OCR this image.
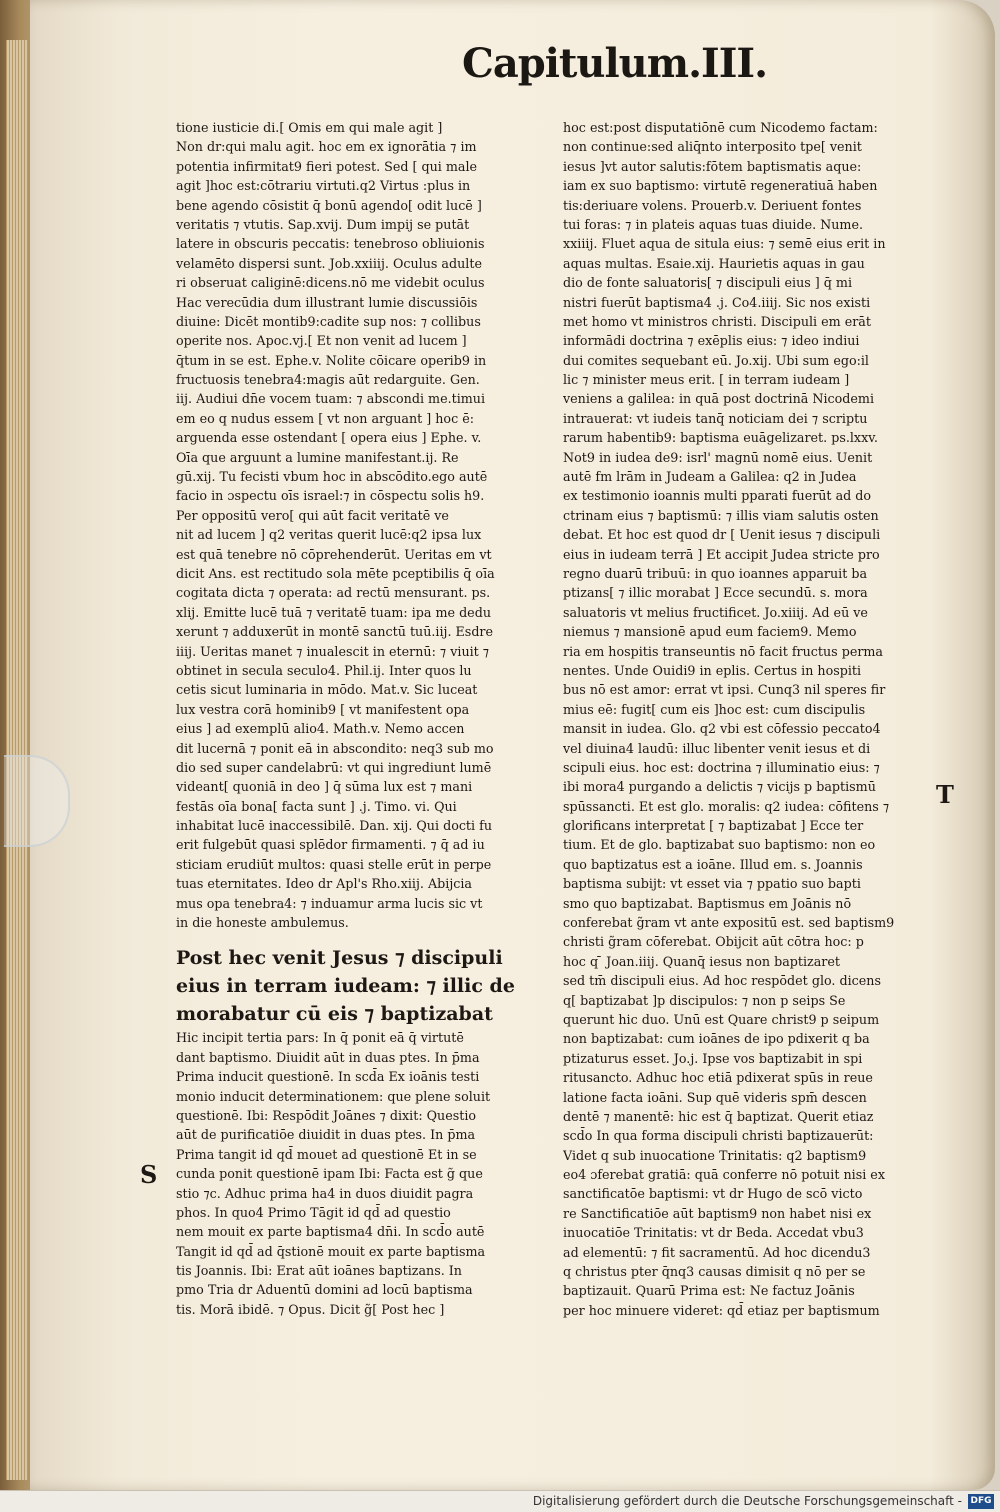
Capitulum.III.
tione iusticie di.[ Omis em qui male agit ]
Non dr:qui malu agit. hoc em ex ignorātia ⁊ im
potentia infirmitat9 fieri potest. Sed [ qui male
agit ]hoc est:cōtrariu virtuti.q2 Virtus :plus in
bene agendo cōsistit q̄ bonū agendo[ odit lucē ]
veritatis ⁊ vtutis. Sap.xvij. Dum impij se putāt
latere in obscuris peccatis: tenebroso obliuionis
velamēto dispersi sunt. Job.xxiiij. Oculus adulte
ri obseruat caliginē:dicens.nō me videbit oculus
Hac verecūdia dum illustrant lumie discussiōis
diuine: Dicēt montib9:cadite sup nos: ⁊ collibus
operite nos. Apoc.vj.[ Et non venit ad lucem ]
q̄tum in se est. Ephe.v. Nolite cōicare operib9 in
fructuosis tenebra4:magis aūt redarguite. Gen.
iij. Audiui dn̄e vocem tuam: ⁊ abscondi me.timui
em eo q nudus essem [ vt non arguant ] hoc ē:
arguenda esse ostendant [ opera eius ] Ephe. v.
Oīa que arguunt a lumine manifestant.ij. Re
gū.xij. Tu fecisti vbum hoc in abscōdito.ego autē
facio in ɔspectu oīs israel:⁊ in cōspectu solis h9.
Per oppositū vero[ qui aūt facit veritatē ve
nit ad lucem ] q2 veritas querit lucē:q2 ipsa lux
est quā tenebre nō cōprehenderūt. Ueritas em vt
dicit Ans. est rectitudo sola mēte pceptibilis q̄ oīa
cogitata dicta ⁊ operata: ad rectū mensurant. ps.
xlij. Emitte lucē tuā ⁊ veritatē tuam: ipa me dedu
xerunt ⁊ adduxerūt in montē sanctū tuū.iij. Esdre
iiij. Ueritas manet ⁊ inualescit in eternū: ⁊ viuit ⁊
obtinet in secula seculo4. Phil.ij. Inter quos lu
cetis sicut luminaria in mōdo. Mat.v. Sic luceat
lux vestra corā hominib9 [ vt manifestent opa
eius ] ad exemplū alio4. Math.v. Nemo accen
dit lucernā ⁊ ponit eā in abscondito: neq3 sub mo
dio sed super candelabrū: vt qui ingrediunt lumē
videant[ quoniā in deo ] q̄ sūma lux est ⁊ mani
festās oīa bona[ facta sunt ] .j. Timo. vi. Qui
inhabitat lucē inaccessibilē. Dan. xij. Qui docti fu
erit fulgebūt quasi splēdor firmamenti. ⁊ q̄ ad iu
sticiam erudiūt multos: quasi stelle erūt in perpe
tuas eternitates. Ideo dr Apl's Rho.xiij. Abijcia
mus opa tenebra4: ⁊ induamur arma lucis sic vt
in die honeste ambulemus.
Post hec venit Jesus ⁊ discipuli
eius in terram iudeam: ⁊ illic de
morabatur cū eis ⁊ baptizabat
Hic incipit tertia pars: In q̄ ponit eā q̄ virtutē
dant baptismo. Diuidit aūt in duas ptes. In p̄ma
Prima inducit questionē. In scd̄a Ex ioānis testi
monio inducit determinationem: que plene soluit
questionē. Ibi: Respōdit Joānes ⁊ dixit: Questio
aūt de purificatiōe diuidit in duas ptes. In p̄ma
Prima tangit id qd̄ mouet ad questionē Et in se
cunda ponit questionē ipam Ibi: Facta est g̃ que
stio ⁊c. Adhuc prima ha4 in duos diuidit pagra
phos. In quo4 Primo Tāgit id qd̄ ad questio
nem mouit ex parte baptisma4 dn̄i. In scd̄o autē
Tangit id qd̄ ad q̄stionē mouit ex parte baptisma
tis Joannis. Ibi: Erat aūt ioānes baptizans. In
pmo Tria dr Aduentū domini ad locū baptisma
tis. Morā ibidē. ⁊ Opus. Dicit g̃[ Post hec ]
hoc est:post disputatiōnē cum Nicodemo factam:
non continue:sed aliq̄nto interposito tpe[ venit
iesus ]vt autor salutis:fōtem baptismatis aque:
iam ex suo baptismo: virtutē regeneratiuā haben
tis:deriuare volens. Prouerb.v. Deriuent fontes
tui foras: ⁊ in plateis aquas tuas diuide. Nume.
xxiiij. Fluet aqua de situla eius: ⁊ semē eius erit in
aquas multas. Esaie.xij. Haurietis aquas in gau
dio de fonte saluatoris[ ⁊ discipuli eius ] q̄ mi
nistri fuerūt baptisma4 .j. Co4.iiij. Sic nos existi
met homo vt ministros christi. Discipuli em erāt
informādi doctrina ⁊ exēplis eius: ⁊ ideo indiui
dui comites sequebant eū. Jo.xij. Ubi sum ego:il
lic ⁊ minister meus erit. [ in terram iudeam ]
veniens a galilea: in quā post doctrinā Nicodemi
intrauerat: vt iudeis tanq̄ noticiam dei ⁊ scriptu
rarum habentib9: baptisma euāgelizaret. ps.lxxv.
Not9 in iudea de9: isrl' magnū nomē eius. Uenit
autē fm lrām in Judeam a Galilea: q2 in Judea
ex testimonio ioannis multi pparati fuerūt ad do
ctrinam eius ⁊ baptismū: ⁊ illis viam salutis osten
debat. Et hoc est quod dr [ Uenit iesus ⁊ discipuli
eius in iudeam terrā ] Et accipit Judea stricte pro
regno duarū tribuū: in quo ioannes apparuit ba
ptizans[ ⁊ illic morabat ] Ecce secundū. s. mora
saluatoris vt melius fructificet. Jo.xiiij. Ad eū ve
niemus ⁊ mansionē apud eum faciem9. Memo
ria em hospitis transeuntis nō facit fructus perma
nentes. Unde Ouidi9 in eplis. Certus in hospiti
bus nō est amor: errat vt ipsi. Cunq3 nil speres fir
mius eē: fugit[ cum eis ]hoc est: cum discipulis
mansit in iudea. Glo. q2 vbi est cōfessio peccato4
vel diuina4 laudū: illuc libenter venit iesus et di
scipuli eius. hoc est: doctrina ⁊ illuminatio eius: ⁊
ibi mora4 purgando a delictis ⁊ vicijs p baptismū
spūssancti. Et est glo. moralis: q2 iudea: cōfitens ⁊
glorificans interpretat [ ⁊ baptizabat ] Ecce ter
tium. Et de glo. baptizabat suo baptismo: non eo
quo baptizatus est a ioāne. Illud em. s. Joannis
baptisma subijt: vt esset via ⁊ ppatio suo bapti
smo quo baptizabat. Baptismus em Joānis nō
conferebat g̃ram vt ante expositū est. sed baptism9
christi g̃ram cōferebat. Obijcit aūt cōtra hoc: p
hoc q ̄ Joan.iiij. Quanq̄ iesus non baptizaret
sed tm̄ discipuli eius. Ad hoc respōdet glo. dicens
q[ baptizabat ]p discipulos: ⁊ non p seips Se
querunt hic duo. Unū est Quare christ9 p seipum
non baptizabat: cum ioānes de ipo pdixerit q ba
ptizaturus esset. Jo.j. Ipse vos baptizabit in spi
ritusancto. Adhuc hoc etiā pdixerat spūs in reue
latione facta ioāni. Sup quē videris spm̄ descen
dentē ⁊ manentē: hic est q̄ baptizat. Querit etiaz
scd̄o In qua forma discipuli christi baptizauerūt:
Videt q sub inuocatione Trinitatis: q2 baptism9
eo4 ɔferebat gratiā: quā conferre nō potuit nisi ex
sanctificatōe baptismi: vt dr Hugo de scō victo
re Sanctificatiōe aūt baptism9 non habet nisi ex
inuocatiōe Trinitatis: vt dr Beda. Accedat vbu3
ad elementū: ⁊ fit sacramentū. Ad hoc dicendu3
q christus pter q̄nq3 causas dimisit q nō per se
baptizauit. Quarū Prima est: Ne factuz Joānis
per hoc minuere videret: qd̄ etiaz per baptismum
T
S
Digitalisierung gefördert durch die Deutsche Forschungsgemeinschaft - DFG
